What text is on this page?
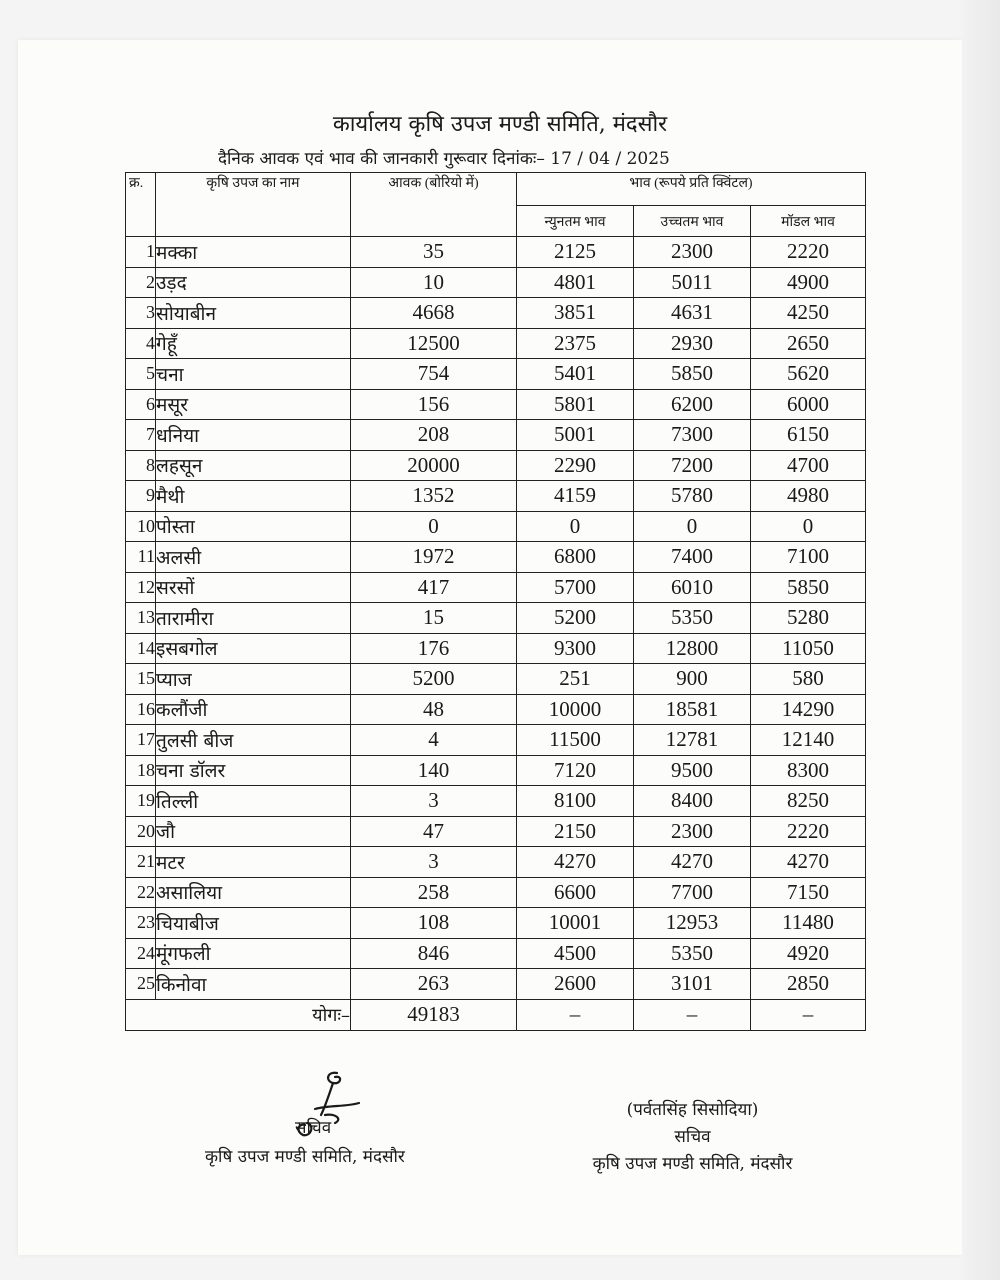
कार्यालय कृषि उपज मण्डी समिति, मंदसौर
दैनिक आवक एवं भाव की जानकारी गुरूवार दिनांकः– 17 / 04 / 2025
क्र.	कृषि उपज का नाम	आवक (बोरियो में)	भाव (रूपये प्रति क्विंटल)		
			न्युनतम भाव	उच्चतम भाव	मॉडल भाव
1	मक्का	35	2125	2300	2220
2	उड़द	10	4801	5011	4900
3	सोयाबीन	4668	3851	4631	4250
4	गेहूँ	12500	2375	2930	2650
5	चना	754	5401	5850	5620
6	मसूर	156	5801	6200	6000
7	धनिया	208	5001	7300	6150
8	लहसून	20000	2290	7200	4700
9	मैथी	1352	4159	5780	4980
10	पोस्ता	0	0	0	0
11	अलसी	1972	6800	7400	7100
12	सरसों	417	5700	6010	5850
13	तारामीरा	15	5200	5350	5280
14	इसबगोल	176	9300	12800	11050
15	प्याज	5200	251	900	580
16	कलौंजी	48	10000	18581	14290
17	तुलसी बीज	4	11500	12781	12140
18	चना डॉलर	140	7120	9500	8300
19	तिल्ली	3	8100	8400	8250
20	जौ	47	2150	2300	2220
21	मटर	3	4270	4270	4270
22	असालिया	258	6600	7700	7150
23	चियाबीज	108	10001	12953	11480
24	मूंगफली	846	4500	5350	4920
25	किनोवा	263	2600	3101	2850
योगः–		49183	–	–	–
सचिव
कृषि उपज मण्डी समिति, मंदसौर
(पर्वतसिंह सिसोदिया)
सचिव
कृषि उपज मण्डी समिति, मंदसौर
